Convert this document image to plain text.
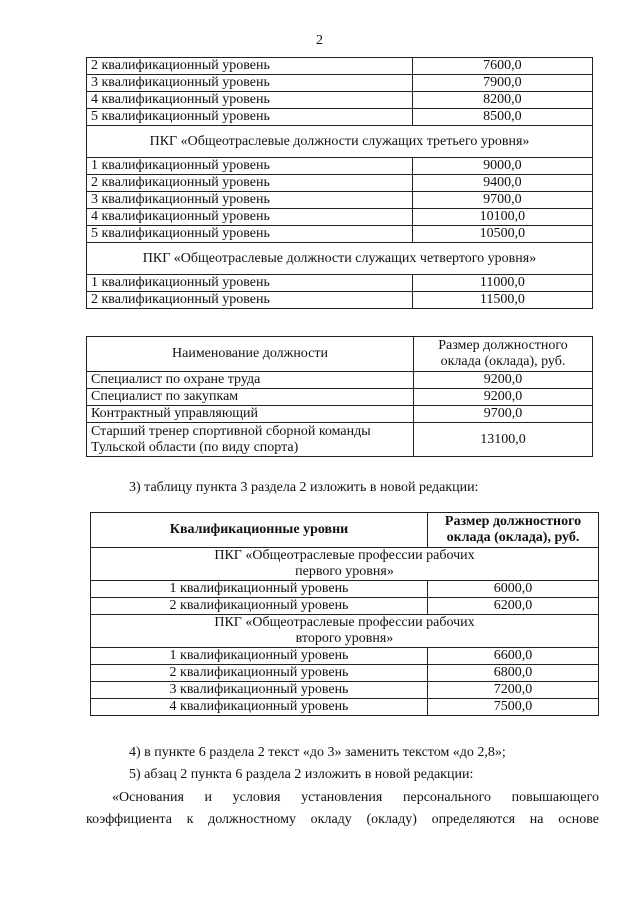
2
2 квалификационный уровень	7600,0
3 квалификационный уровень	7900,0
4 квалификационный уровень	8200,0
5 квалификационный уровень	8500,0
ПКГ «Общеотраслевые должности служащих третьего уровня»	
1 квалификационный уровень	9000,0
2 квалификационный уровень	9400,0
3 квалификационный уровень	9700,0
4 квалификационный уровень	10100,0
5 квалификационный уровень	10500,0
ПКГ «Общеотраслевые должности служащих четвертого уровня»	
1 квалификационный уровень	11000,0
2 квалификационный уровень	11500,0
Наименование должности	Размер должностного
оклада (оклада), руб.
Специалист по охране труда	9200,0
Специалист по закупкам	9200,0
Контрактный управляющий	9700,0
Старший тренер спортивной сборной команды
Тульской области (по виду спорта)	13100,0
3) таблицу пункта 3 раздела 2 изложить в новой редакции:
Квалификационные уровни	Размер должностного
оклада (оклада), руб.
ПКГ «Общеотраслевые профессии рабочих
первого уровня»	
1 квалификационный уровень	6000,0
2 квалификационный уровень	6200,0
ПКГ «Общеотраслевые профессии рабочих
второго уровня»	
1 квалификационный уровень	6600,0
2 квалификационный уровень	6800,0
3 квалификационный уровень	7200,0
4 квалификационный уровень	7500,0
4) в пункте 6 раздела 2 текст «до 3» заменить текстом «до 2,8»;
5) абзац 2 пункта 6 раздела 2 изложить в новой редакции:
«Основания и условия установления персонального повышающего
коэффициента к должностному окладу (окладу) определяются на основе
